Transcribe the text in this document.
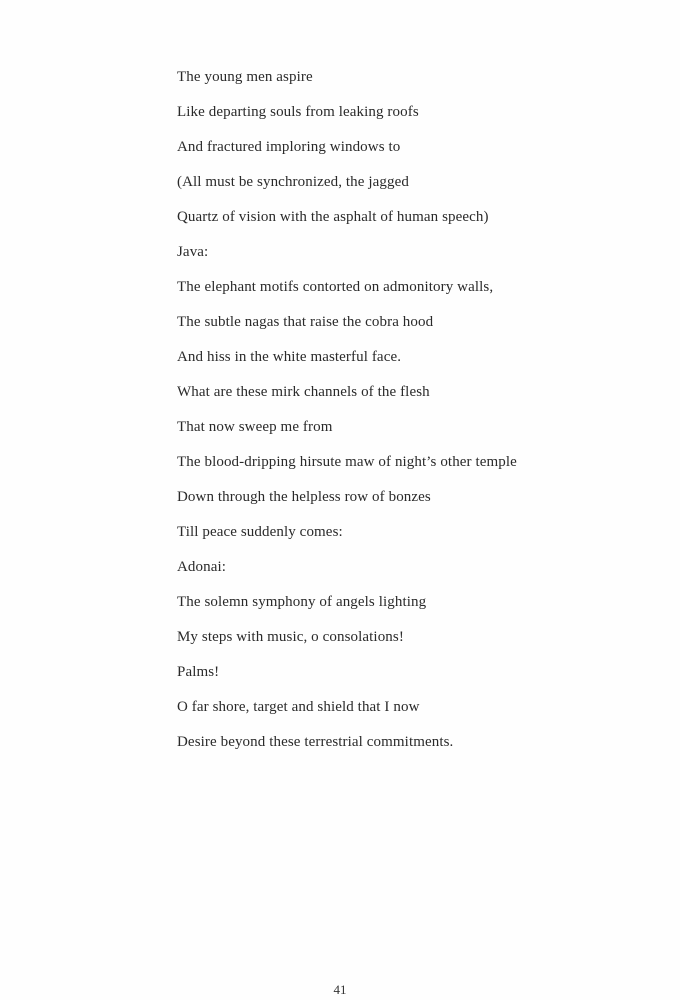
The young men aspire
Like departing souls from leaking roofs
And fractured imploring windows to
(All must be synchronized, the jagged
Quartz of vision with the asphalt of human speech)
Java:
The elephant motifs contorted on admonitory walls,
The subtle nagas that raise the cobra hood
And hiss in the white masterful face.
What are these mirk channels of the flesh
That now sweep me from
The blood-dripping hirsute maw of night’s other temple
Down through the helpless row of bonzes
Till peace suddenly comes:
Adonai:
The solemn symphony of angels lighting
My steps with music, o consolations!
Palms!
O far shore, target and shield that I now
Desire beyond these terrestrial commitments.
41
